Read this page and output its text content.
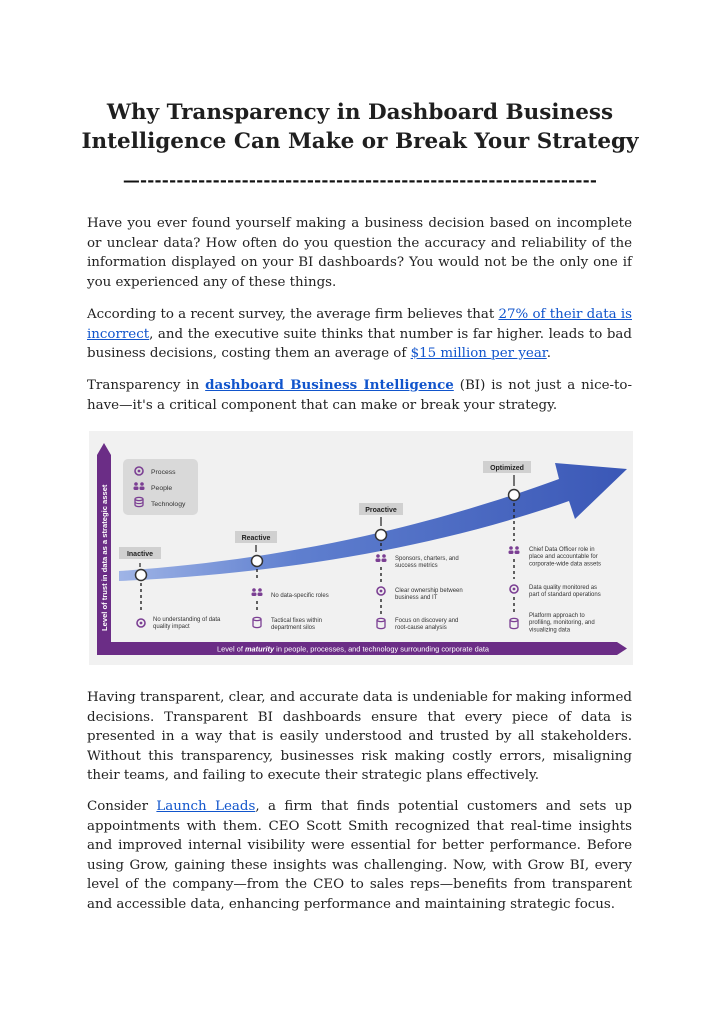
Why Transparency in Dashboard Business Intelligence Can Make or Break Your Strategy
—---------------------------------------------------------------

Have you ever found yourself making a business decision based on incomplete or unclear data? How often do you question the accuracy and reliability of the information displayed on your BI dashboards? You would not be the only one if you experienced any of these things.

According to a recent survey, the average firm believes that 27% of their data is incorrect, and the executive suite thinks that number is far higher. leads to bad business decisions, costing them an average of $15 million per year.

Transparency in dashboard Business Intelligence (BI) is not just a nice-to-have—it's a critical component that can make or break your strategy.

Level of trust in data as a strategic asset
Level of maturity in people, processes, and technology surrounding corporate data
Process
People
Technology
Inactive
No understanding of data quality impact
Reactive
No data-specific roles
Tactical fixes within department silos
Proactive
Sponsors, charters, and success metrics
Clear ownership between business and IT
Focus on discovery and root-cause analysis
Optimized
Chief Data Officer role in place and accountable for corporate-wide data assets
Data quality monitored as part of standard operations
Platform approach to profiling, monitoring, and visualizing data

Having transparent, clear, and accurate data is undeniable for making informed decisions. Transparent BI dashboards ensure that every piece of data is presented in a way that is easily understood and trusted by all stakeholders. Without this transparency, businesses risk making costly errors, misaligning their teams, and failing to execute their strategic plans effectively.

Consider Launch Leads, a firm that finds potential customers and sets up appointments with them. CEO Scott Smith recognized that real-time insights and improved internal visibility were essential for better performance. Before using Grow, gaining these insights was challenging. Now, with Grow BI, every level of the company—from the CEO to sales reps—benefits from transparent and accessible data, enhancing performance and maintaining strategic focus.
